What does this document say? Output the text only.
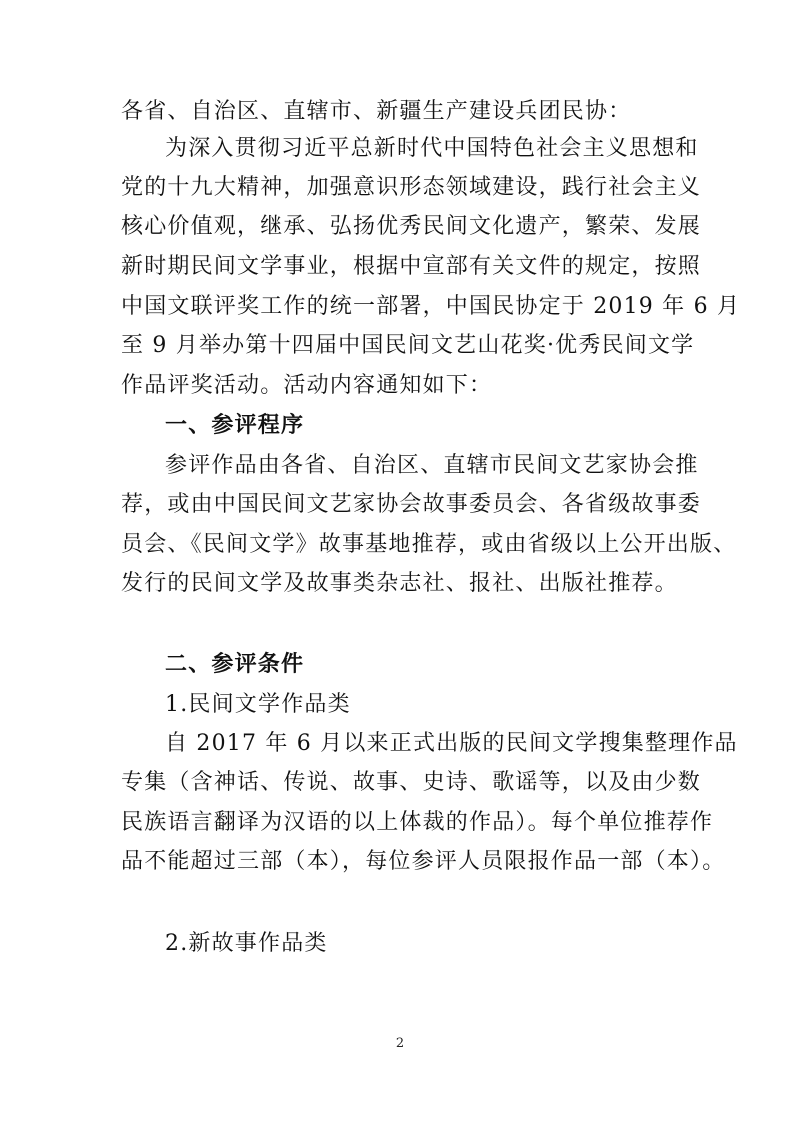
各省、自治区、直辖市、新疆生产建设兵团民协：
为深入贯彻习近平总新时代中国特色社会主义思想和
党的十九大精神，加强意识形态领域建设，践行社会主义
核心价值观，继承、弘扬优秀民间文化遗产，繁荣、发展
新时期民间文学事业，根据中宣部有关文件的规定，按照
中国文联评奖工作的统一部署，中国民协定于 2019 年 6 月
至 9 月举办第十四届中国民间文艺山花奖·优秀民间文学
作品评奖活动。活动内容通知如下：
一、参评程序
参评作品由各省、自治区、直辖市民间文艺家协会推
荐，或由中国民间文艺家协会故事委员会、各省级故事委
员会、《民间文学》故事基地推荐，或由省级以上公开出版、
发行的民间文学及故事类杂志社、报社、出版社推荐。
二、参评条件
1.民间文学作品类
自 2017 年 6 月以来正式出版的民间文学搜集整理作品
专集（含神话、传说、故事、史诗、歌谣等，以及由少数
民族语言翻译为汉语的以上体裁的作品）。每个单位推荐作
品不能超过三部（本），每位参评人员限报作品一部（本）。
2.新故事作品类
2
